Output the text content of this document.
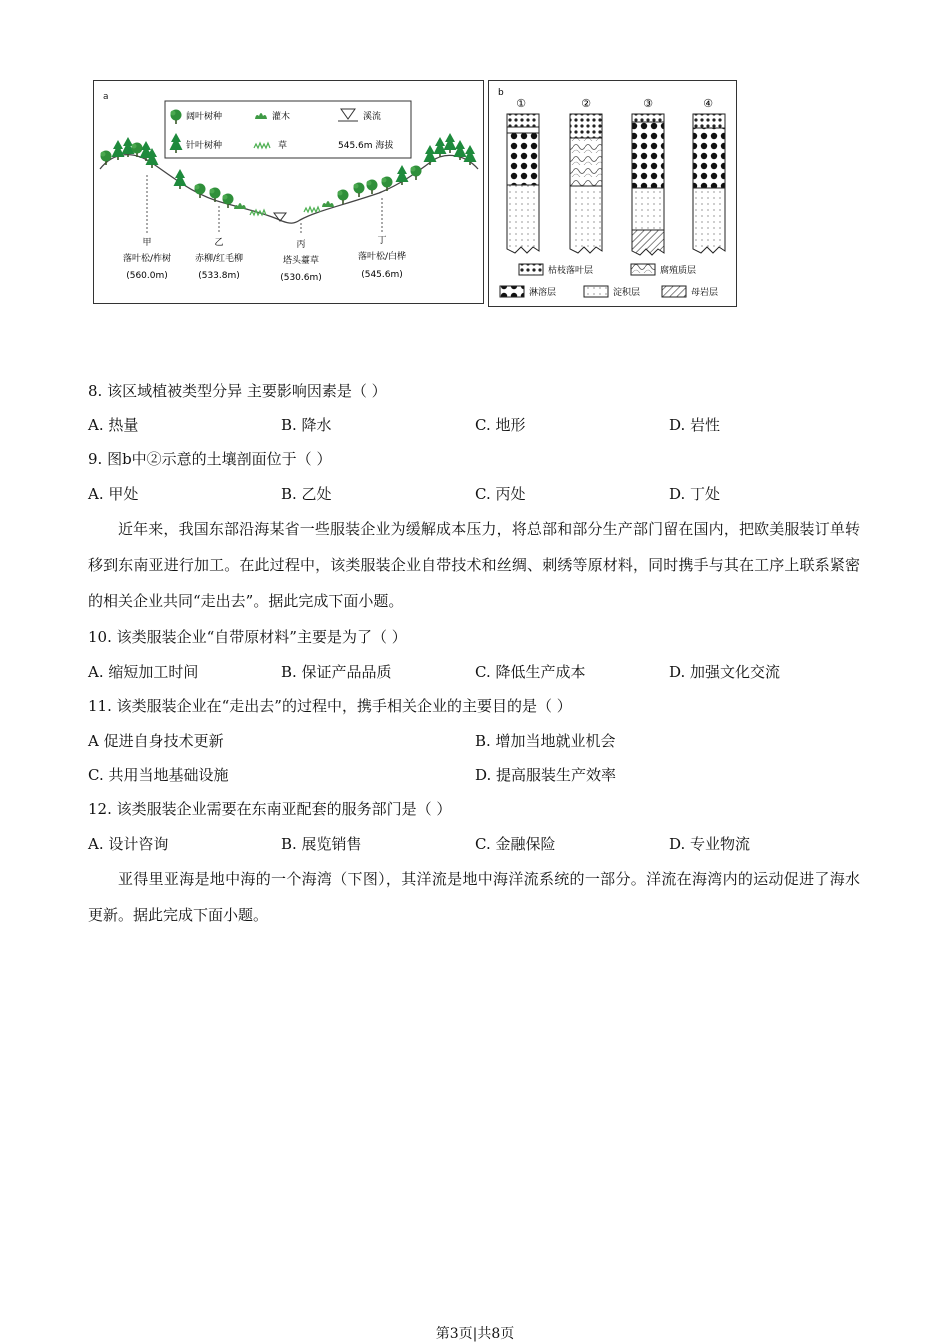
a
阔叶树种	灌木	溪流
针叶树种	草	545.6m 海拔
甲
落叶松/柞树
(560.0m)
乙
赤柳/红毛柳
(533.8m)
丙
塔头薹草
(530.6m)
丁
落叶松/白桦
(545.6m)
b
①	②	③	④
枯枝落叶层	腐殖质层
淋溶层	淀积层	母岩层
8. 该区域植被类型分异 主要影响因素是（ ）
A. 热量	B. 降水	C. 地形	D. 岩性
9. 图b中②示意的土壤剖面位于（ ）
A. 甲处	B. 乙处	C. 丙处	D. 丁处
近年来，我国东部沿海某省一些服装企业为缓解成本压力，将总部和部分生产部门留在国内，把欧美服装订单转移到东南亚进行加工。在此过程中，该类服装企业自带技术和丝绸、刺绣等原材料，同时携手与其在工序上联系紧密的相关企业共同“走出去”。据此完成下面小题。
10. 该类服装企业“自带原材料”主要是为了（ ）
A. 缩短加工时间	B. 保证产品品质	C. 降低生产成本	D. 加强文化交流
11. 该类服装企业在“走出去”的过程中，携手相关企业的主要目的是（ ）
A 促进自身技术更新	B. 增加当地就业机会
C. 共用当地基础设施	D. 提高服装生产效率
12. 该类服装企业需要在东南亚配套的服务部门是（ ）
A. 设计咨询	B. 展览销售	C. 金融保险	D. 专业物流
亚得里亚海是地中海的一个海湾（下图），其洋流是地中海洋流系统的一部分。洋流在海湾内的运动促进了海水更新。据此完成下面小题。
第3页|共8页
